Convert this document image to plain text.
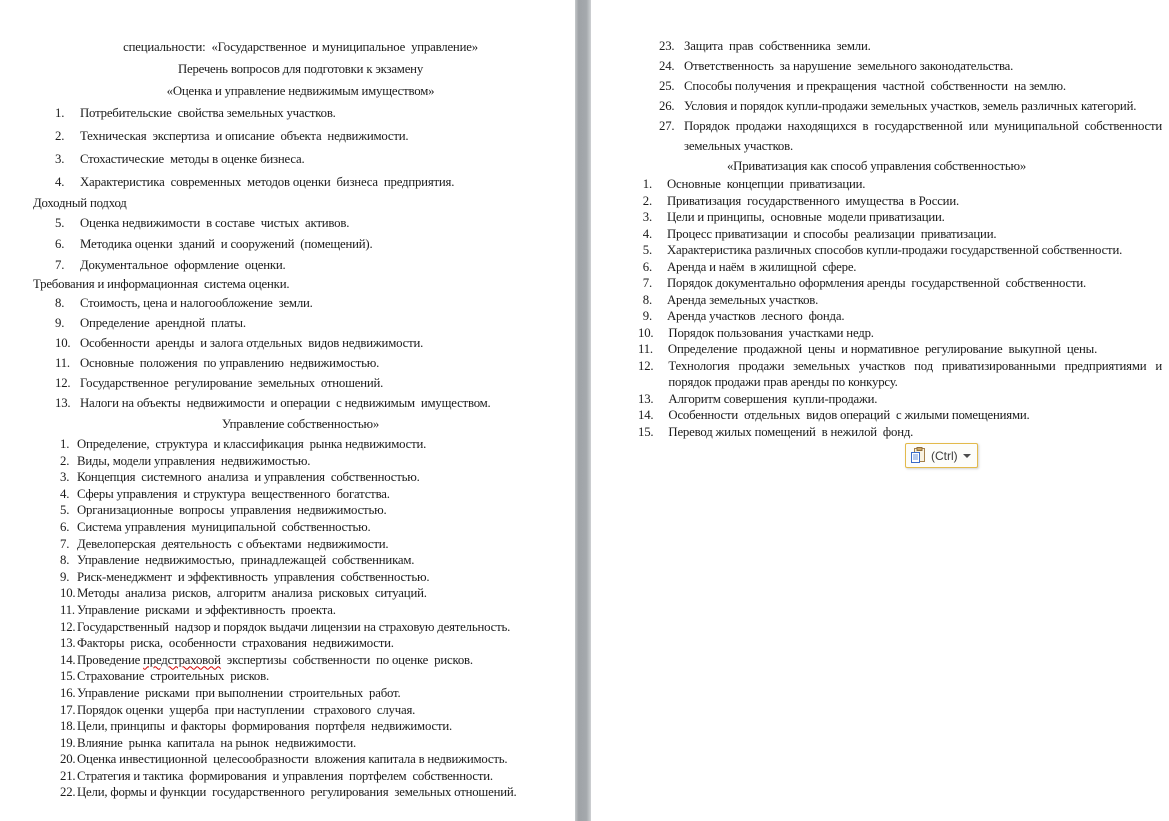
специальности:  «Государственное  и муниципальное  управление»
Перечень вопросов для подготовки к экзамену
«Оценка и управление недвижимым имуществом»
1.	Потребительские  свойства земельных участков.
2.	Техническая  экспертиза  и описание  объекта  недвижимости.
3.	Стохастические  методы в оценке бизнеса.
4.	Характеристика  современных  методов оценки  бизнеса  предприятия.
Доходный подход
5.	Оценка недвижимости  в составе  чистых  активов.
6.	Методика оценки  зданий  и сооружений  (помещений).
7.	Документальное  оформление  оценки.
Требования и информационная  система оценки.
8.	Стоимость, цена и налогообложение  земли.
9.	Определение  арендной  платы.
10. Особенности  аренды  и залога отдельных  видов недвижимости.
11. Основные  положения  по управлению  недвижимостью.
12. Государственное  регулирование  земельных  отношений.
13. Налоги на объекты  недвижимости  и операции  с недвижимым  имуществом.
Управление собственностью»
1. Определение,  структура  и классификация  рынка недвижимости.
2. Виды, модели управления  недвижимостью.
3. Концепция  системного  анализа  и управления  собственностью.
4. Сферы управления  и структура  вещественного  богатства.
5. Организационные  вопросы  управления  недвижимостью.
6. Система управления  муниципальной  собственностью.
7. Девелоперская  деятельность  с объектами  недвижимости.
8. Управление  недвижимостью,  принадлежащей  собственникам.
9. Риск-менеджмент  и эффективность  управления  собственностью.
10. Методы  анализа  рисков,  алгоритм  анализа  рисковых  ситуаций.
11. Управление  рисками  и эффективность  проекта.
12. Государственный  надзор и порядок выдачи лицензии на страховую деятельность.
13. Факторы  риска,  особенности  страхования  недвижимости.
14. Проведение предстраховой  экспертизы  собственности  по оценке  рисков.
15. Страхование  строительных  рисков.
16. Управление  рисками  при выполнении  строительных  работ.
17. Порядок оценки  ущерба  при наступлении   страхового  случая.
18. Цели, принципы  и факторы  формирования  портфеля  недвижимости.
19. Влияние  рынка  капитала  на рынок  недвижимости.
20. Оценка инвестиционной  целесообразности  вложения капитала в недвижимость.
21. Стратегия и тактика  формирования  и управления  портфелем  собственности.
22. Цели, формы и функции  государственного  регулирования  земельных отношений.
23. Защита  прав  собственника  земли.
24. Ответственность  за нарушение  земельного законодательства.
25. Способы получения  и прекращения  частной  собственности  на землю.
26. Условия и порядок купли-продажи земельных участков, земель различных категорий.
27. Порядок продажи находящихся в государственной или муниципальной собственности земельных участков.
«Приватизация как способ управления собственностью»
1. Основные  концепции  приватизации.
2. Приватизация  государственного  имущества  в России.
3. Цели и принципы,  основные  модели приватизации.
4. Процесс приватизации  и способы  реализации  приватизации.
5. Характеристика различных способов купли-продажи государственной собственности.
6. Аренда и наём  в жилищной  сфере.
7. Порядок документально оформления аренды  государственной  собственности.
8. Аренда земельных участков.
9. Аренда участков  лесного  фонда.
10. Порядок пользования  участками недр.
11. Определение  продажной  цены  и нормативное  регулирование  выкупной  цены.
12. Технология продажи земельных участков под приватизированными предприятиями и порядок продажи прав аренды по конкурсу.
13. Алгоритм совершения  купли-продажи.
14. Особенности  отдельных  видов операций  с жилыми помещениями.
15. Перевод жилых помещений  в нежилой  фонд.
(Ctrl)
